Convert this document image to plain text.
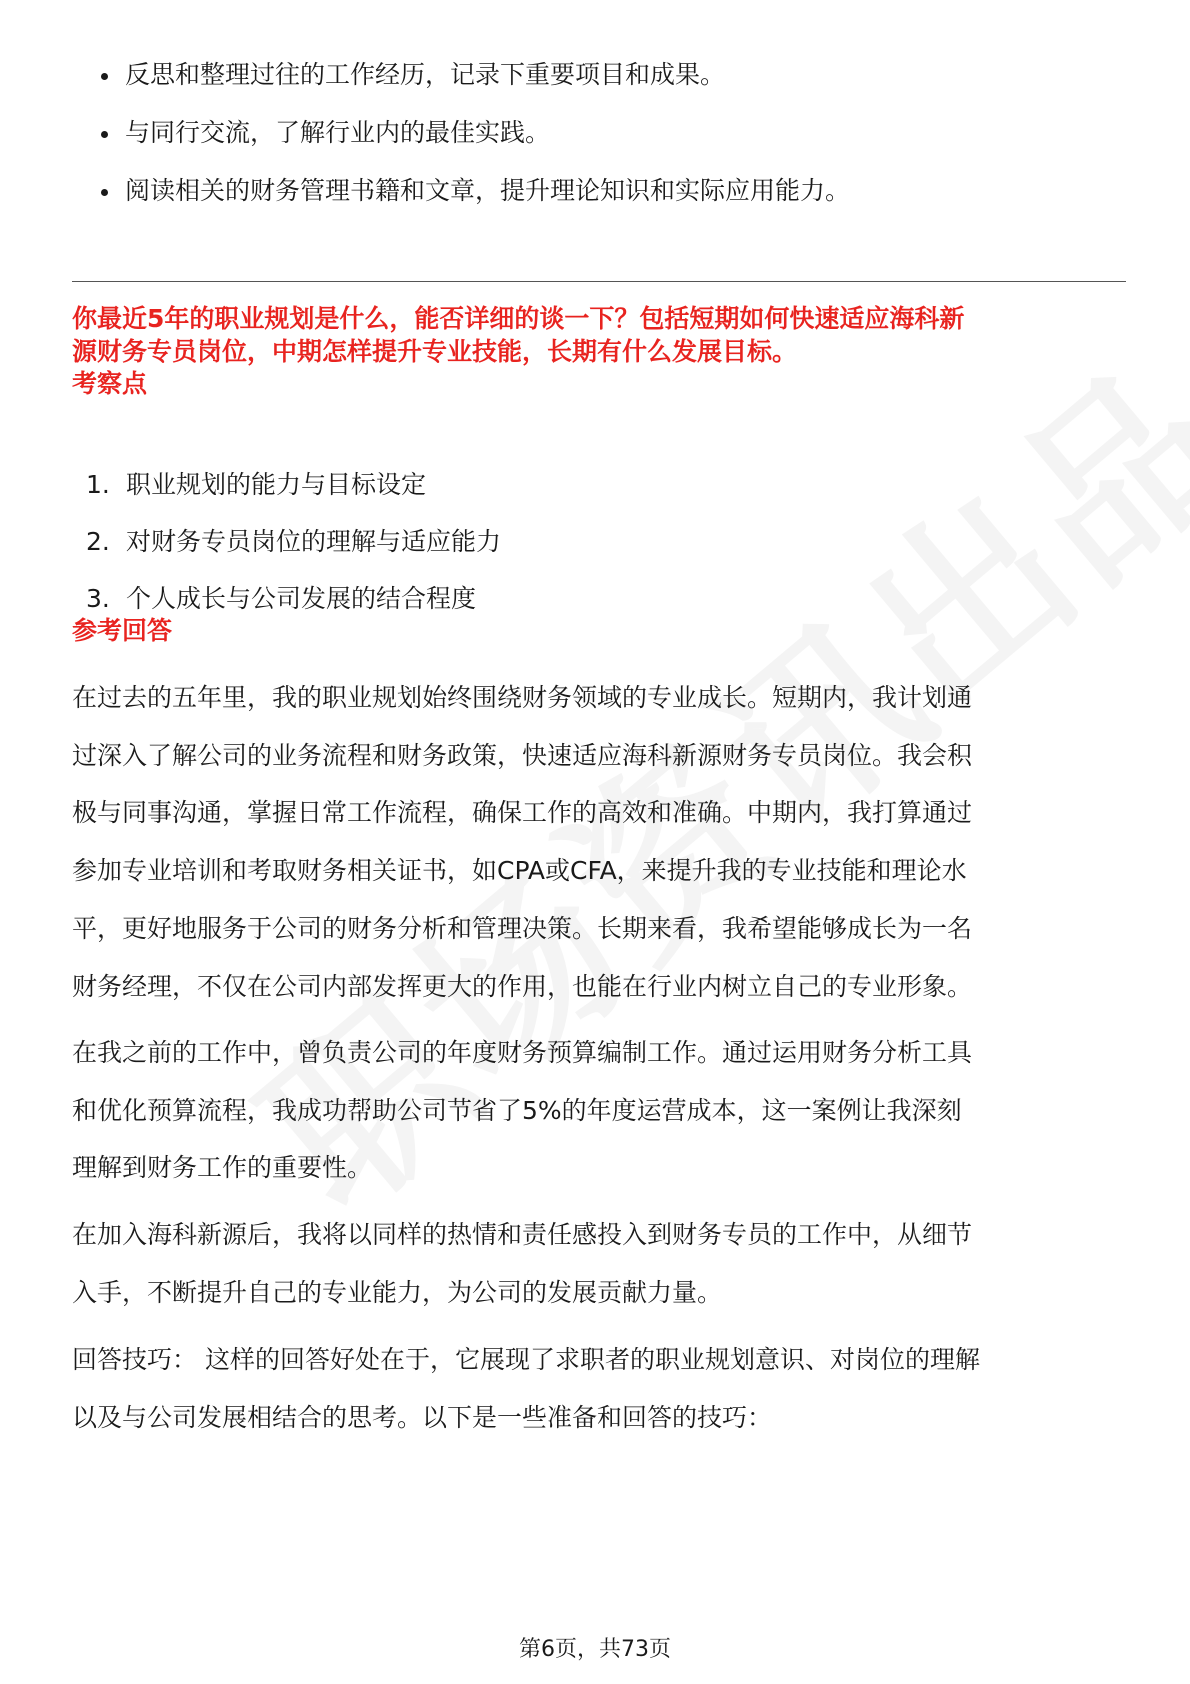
反思和整理过往的工作经历，记录下重要项目和成果。
与同行交流，了解行业内的最佳实践。
阅读相关的财务管理书籍和文章，提升理论知识和实际应用能力。
你最近5年的职业规划是什么，能否详细的谈一下？包括短期如何快速适应海科新
源财务专员岗位，中期怎样提升专业技能，长期有什么发展目标。
考察点
1. 职业规划的能力与目标设定
2. 对财务专员岗位的理解与适应能力
3. 个人成长与公司发展的结合程度
参考回答
在过去的五年里，我的职业规划始终围绕财务领域的专业成长。短期内，我计划通
过深入了解公司的业务流程和财务政策，快速适应海科新源财务专员岗位。我会积
极与同事沟通，掌握日常工作流程，确保工作的高效和准确。中期内，我打算通过
参加专业培训和考取财务相关证书，如CPA或CFA，来提升我的专业技能和理论水
平，更好地服务于公司的财务分析和管理决策。长期来看，我希望能够成长为一名
财务经理，不仅在公司内部发挥更大的作用，也能在行业内树立自己的专业形象。
在我之前的工作中，曾负责公司的年度财务预算编制工作。通过运用财务分析工具
和优化预算流程，我成功帮助公司节省了5%的年度运营成本，这一案例让我深刻
理解到财务工作的重要性。
在加入海科新源后，我将以同样的热情和责任感投入到财务专员的工作中，从细节
入手，不断提升自己的专业能力，为公司的发展贡献力量。
回答技巧： 这样的回答好处在于，它展现了求职者的职业规划意识、对岗位的理解
以及与公司发展相结合的思考。以下是一些准备和回答的技巧：
第6页，共73页
